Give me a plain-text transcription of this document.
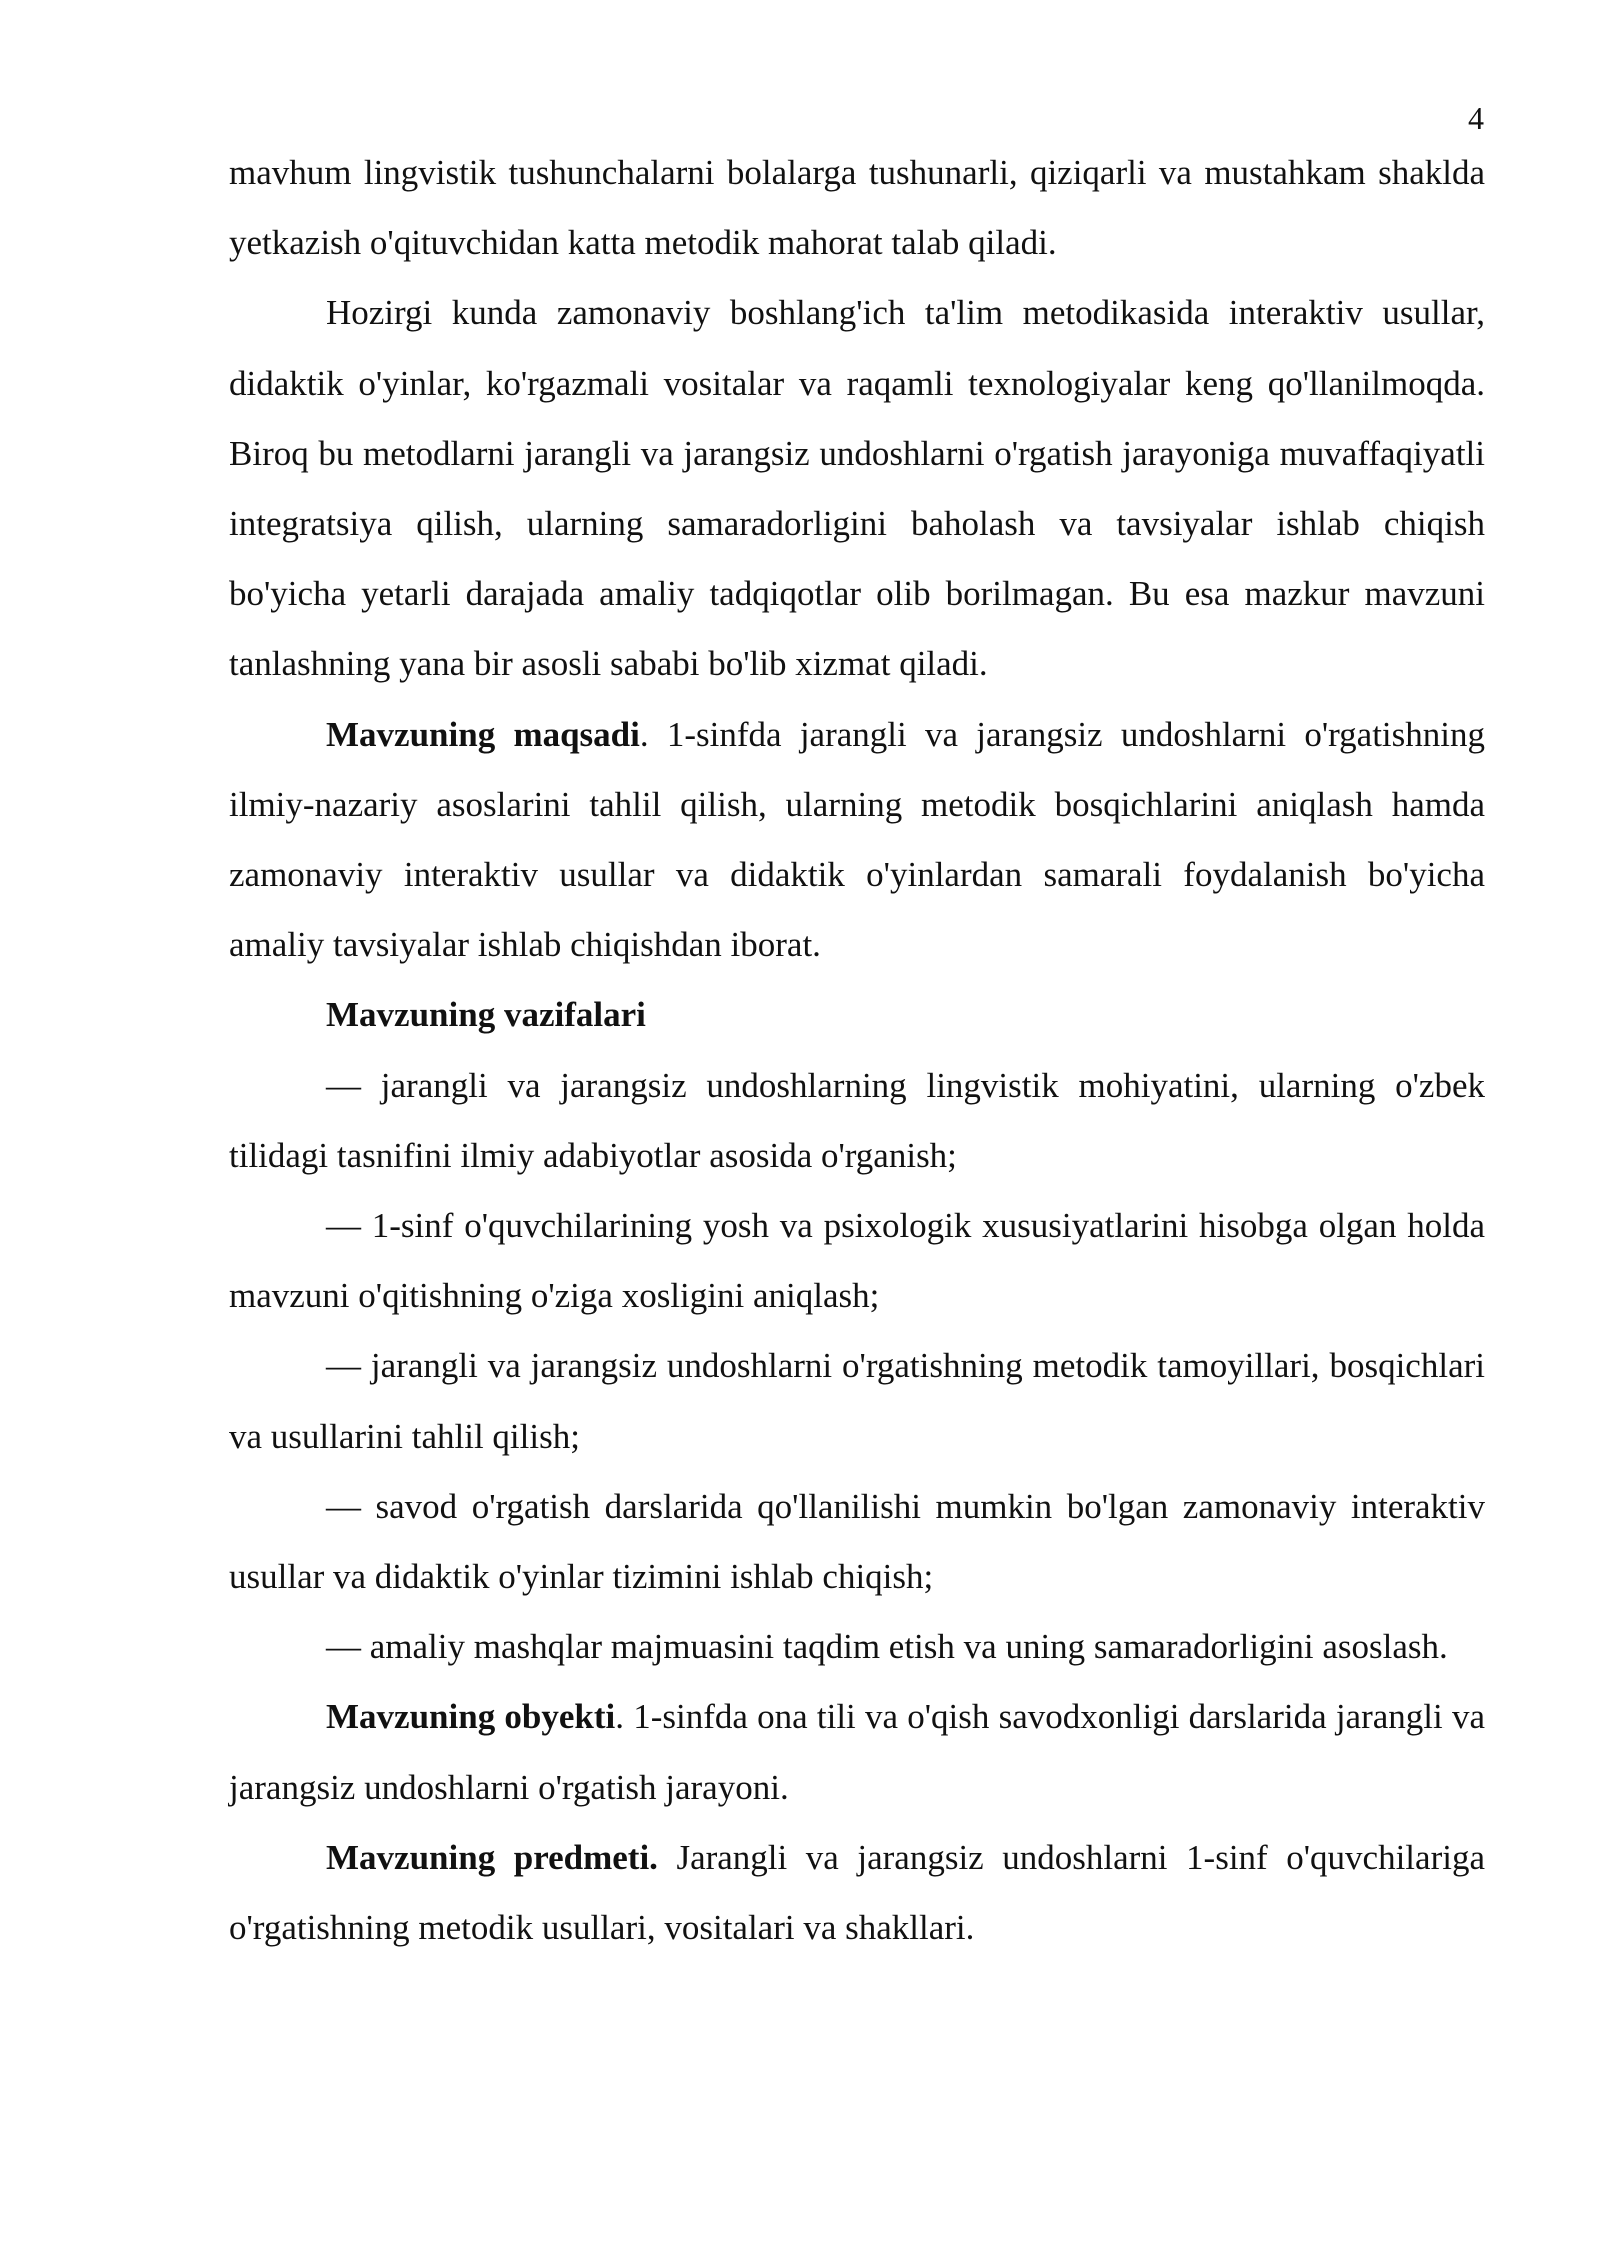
4

mavhum lingvistik tushunchalarni bolalarga tushunarli, qiziqarli va mustahkam shaklda yetkazish o'qituvchidan katta metodik mahorat talab qiladi.

Hozirgi kunda zamonaviy boshlang'ich ta'lim metodikasida interaktiv usullar, didaktik o'yinlar, ko'rgazmali vositalar va raqamli texnologiyalar keng qo'llanilmoqda. Biroq bu metodlarni jarangli va jarangsiz undoshlarni o'rgatish jarayoniga muvaffaqiyatli integratsiya qilish, ularning samaradorligini baholash va tavsiyalar ishlab chiqish bo'yicha yetarli darajada amaliy tadqiqotlar olib borilmagan. Bu esa mazkur mavzuni tanlashning yana bir asosli sababi bo'lib xizmat qiladi.

Mavzuning maqsadi. 1-sinfda jarangli va jarangsiz undoshlarni o'rgatishning ilmiy-nazariy asoslarini tahlil qilish, ularning metodik bosqichlarini aniqlash hamda zamonaviy interaktiv usullar va didaktik o'yinlardan samarali foydalanish bo'yicha amaliy tavsiyalar ishlab chiqishdan iborat.

Mavzuning vazifalari

— jarangli va jarangsiz undoshlarning lingvistik mohiyatini, ularning o'zbek tilidagi tasnifini ilmiy adabiyotlar asosida o'rganish;

— 1-sinf o'quvchilarining yosh va psixologik xususiyatlarini hisobga olgan holda mavzuni o'qitishning o'ziga xosligini aniqlash;

— jarangli va jarangsiz undoshlarni o'rgatishning metodik tamoyillari, bosqichlari va usullarini tahlil qilish;

— savod o'rgatish darslarida qo'llanilishi mumkin bo'lgan zamonaviy interaktiv usullar va didaktik o'yinlar tizimini ishlab chiqish;

— amaliy mashqlar majmuasini taqdim etish va uning samaradorligini asoslash.

Mavzuning obyekti. 1-sinfda ona tili va o'qish savodxonligi darslarida jarangli va jarangsiz undoshlarni o'rgatish jarayoni.

Mavzuning predmeti. Jarangli va jarangsiz undoshlarni 1-sinf o'quvchilariga o'rgatishning metodik usullari, vositalari va shakllari.
